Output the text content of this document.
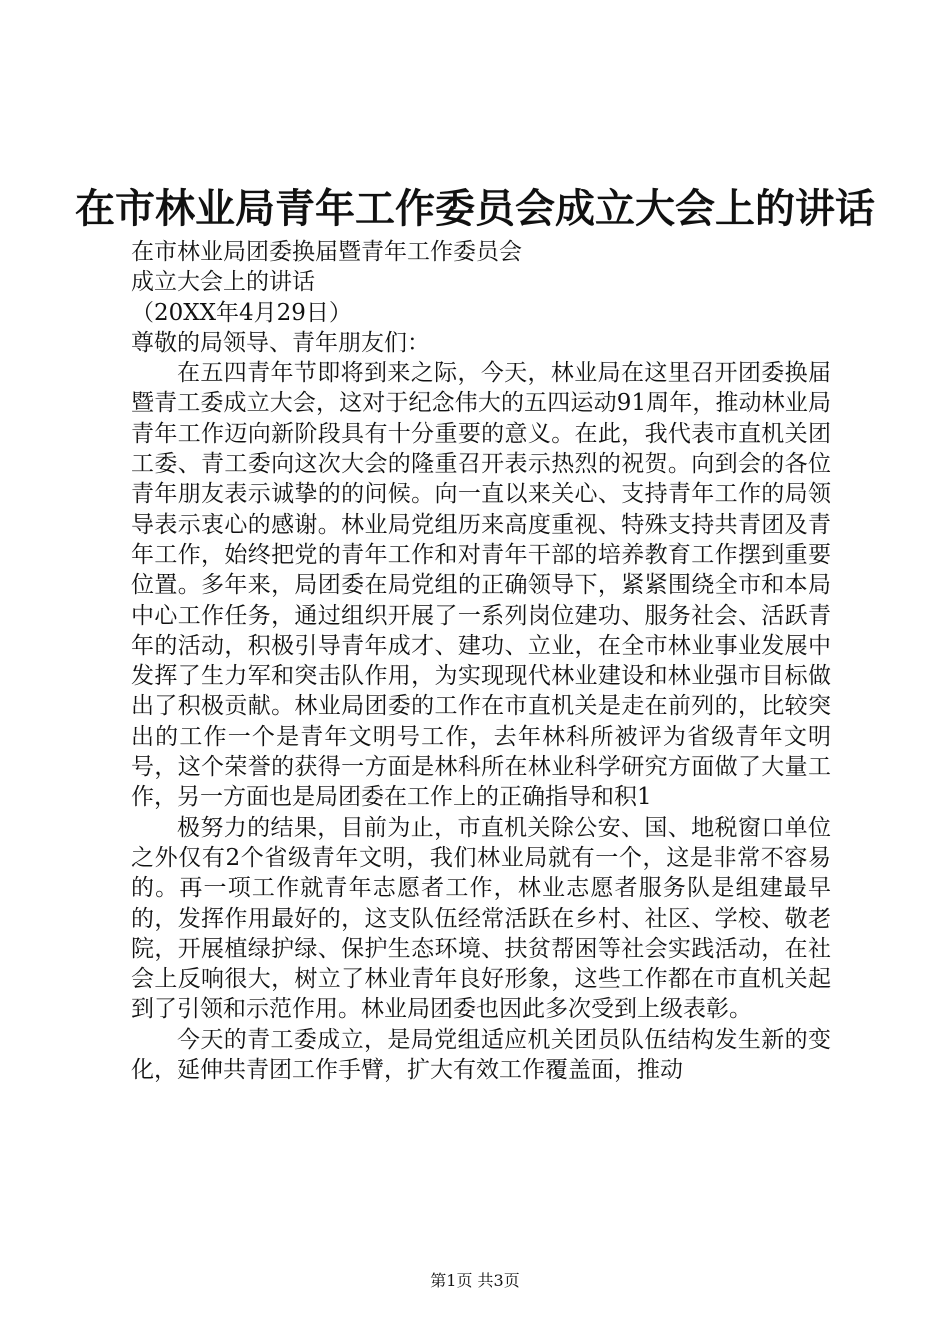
在市林业局青年工作委员会成立大会上的讲话

在市林业局团委换届暨青年工作委员会

成立大会上的讲话

（20XX年4月29日）

尊敬的局领导、青年朋友们：

在五四青年节即将到来之际，今天，林业局在这里召开团委换届暨青工委成立大会，这对于纪念伟大的五四运动91周年，推动林业局青年工作迈向新阶段具有十分重要的意义。在此，我代表市直机关团工委、青工委向这次大会的隆重召开表示热烈的祝贺。向到会的各位青年朋友表示诚挚的的问候。向一直以来关心、支持青年工作的局领导表示衷心的感谢。林业局党组历来高度重视、特殊支持共青团及青年工作，始终把党的青年工作和对青年干部的培养教育工作摆到重要位置。多年来，局团委在局党组的正确领导下，紧紧围绕全市和本局中心工作任务，通过组织开展了一系列岗位建功、服务社会、活跃青年的活动，积极引导青年成才、建功、立业，在全市林业事业发展中发挥了生力军和突击队作用，为实现现代林业建设和林业强市目标做出了积极贡献。林业局团委的工作在市直机关是走在前列的，比较突出的工作一个是青年文明号工作，去年林科所被评为省级青年文明号，这个荣誉的获得一方面是林科所在林业科学研究方面做了大量工作，另一方面也是局团委在工作上的正确指导和积1

极努力的结果，目前为止，市直机关除公安、国、地税窗口单位之外仅有2个省级青年文明，我们林业局就有一个，这是非常不容易的。再一项工作就青年志愿者工作，林业志愿者服务队是组建最早的，发挥作用最好的，这支队伍经常活跃在乡村、社区、学校、敬老院，开展植绿护绿、保护生态环境、扶贫帮困等社会实践活动，在社会上反响很大，树立了林业青年良好形象，这些工作都在市直机关起到了引领和示范作用。林业局团委也因此多次受到上级表彰。

今天的青工委成立，是局党组适应机关团员队伍结构发生新的变化，延伸共青团工作手臂，扩大有效工作覆盖面，推动

第1页 共3页
